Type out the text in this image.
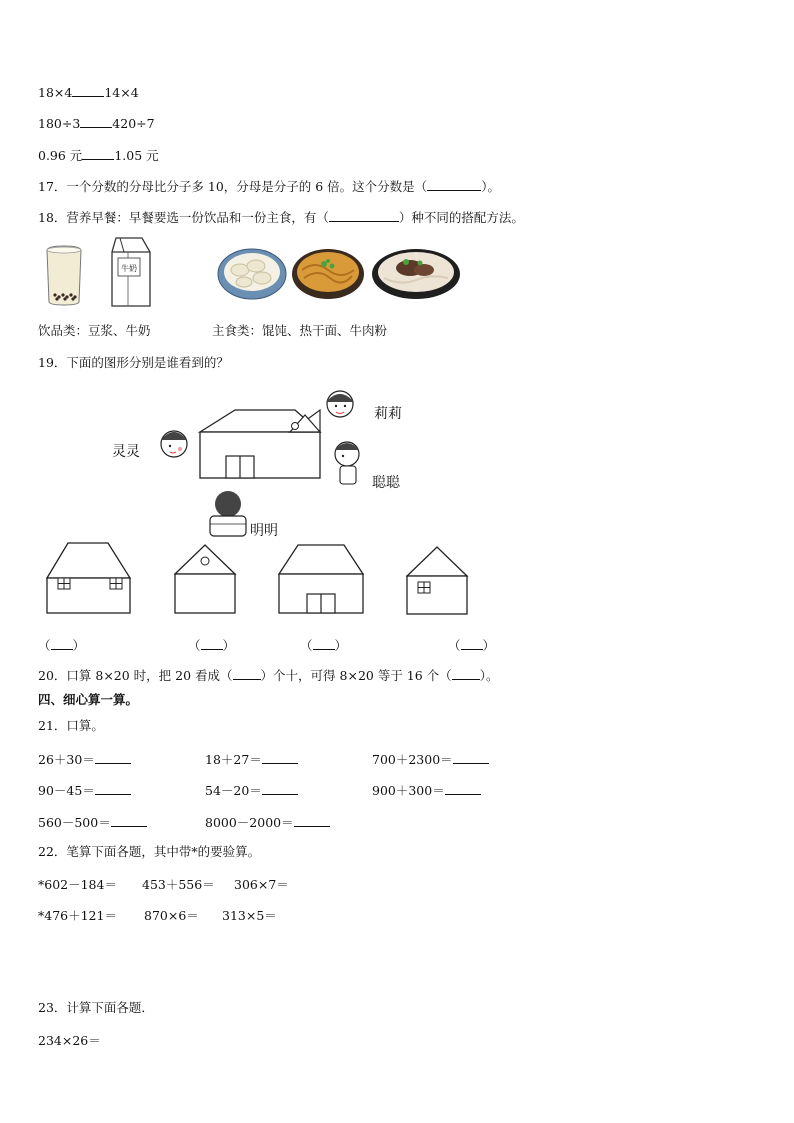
18×4	14×4
180÷3	420÷7
0.96 元	1.05 元
17．一个分数的分母比分子多 10，分母是分子的 6 倍。这个分数是（	）。
18．营养早餐：早餐要选一份饮品和一份主食，有（	）种不同的搭配方法。
牛奶
饮品类：豆浆、牛奶	主食类：馄饨、热干面、牛肉粉
19．下面的图形分别是谁看到的？
灵灵
莉莉
聪聪
明明
（ ）	（ ）	（ ）	（ ）
20．口算 8×20 时，把 20 看成（ ）个十，可得 8×20 等于 16 个（ ）。
四、细心算一算。
21．口算。
26＋30＝	18＋27＝	700＋2300＝
90－45＝	54－20＝	900＋300＝
560－500＝	8000－2000＝
22．笔算下面各题，其中带*的要验算。
*602－184＝ 453＋556＝ 306×7＝
*476＋121＝ 870×6＝ 313×5＝
23．计算下面各题．
234×26＝
